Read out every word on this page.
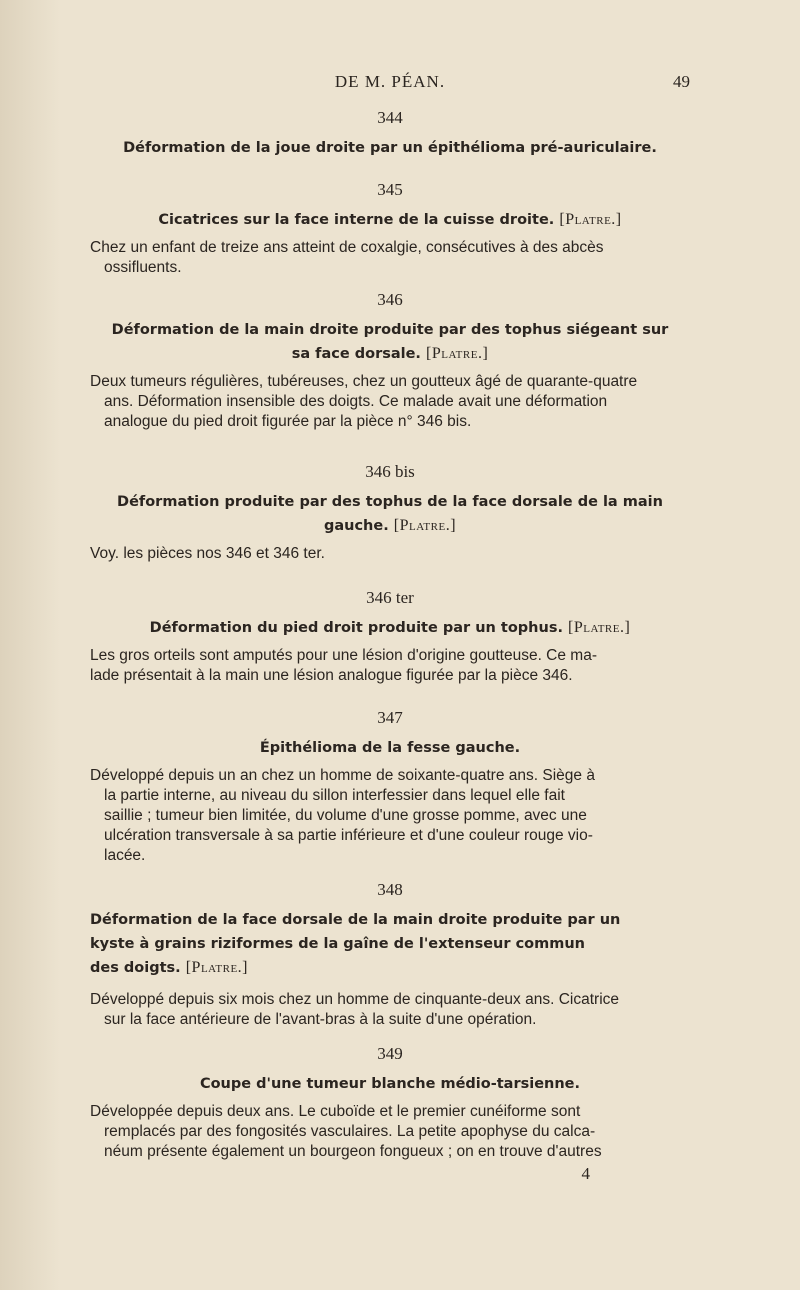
DE M. PÉAN.	49
344
Déformation de la joue droite par un épithélioma pré-auriculaire.
345
Cicatrices sur la face interne de la cuisse droite. [Platre.]
Chez un enfant de treize ans atteint de coxalgie, consécutives à des abcès
ossifluents.
346
Déformation de la main droite produite par des tophus siégeant sur
sa face dorsale. [Platre.]
Deux tumeurs régulières, tubéreuses, chez un goutteux âgé de quarante-quatre
ans. Déformation insensible des doigts. Ce malade avait une déformation
analogue du pied droit figurée par la pièce n° 346 bis.
346 bis
Déformation produite par des tophus de la face dorsale de la main
gauche. [Platre.]
Voy. les pièces nos 346 et 346 ter.
346 ter
Déformation du pied droit produite par un tophus. [Platre.]
Les gros orteils sont amputés pour une lésion d'origine goutteuse. Ce ma-
lade présentait à la main une lésion analogue figurée par la pièce 346.
347
Épithélioma de la fesse gauche.
Développé depuis un an chez un homme de soixante-quatre ans. Siège à
la partie interne, au niveau du sillon interfessier dans lequel elle fait
saillie ; tumeur bien limitée, du volume d'une grosse pomme, avec une
ulcération transversale à sa partie inférieure et d'une couleur rouge vio-
lacée.
348
Déformation de la face dorsale de la main droite produite par un
kyste à grains riziformes de la gaîne de l'extenseur commun
des doigts. [Platre.]
Développé depuis six mois chez un homme de cinquante-deux ans. Cicatrice
sur la face antérieure de l'avant-bras à la suite d'une opération.
349
Coupe d'une tumeur blanche médio-tarsienne.
Développée depuis deux ans. Le cuboïde et le premier cunéiforme sont
remplacés par des fongosités vasculaires. La petite apophyse du calca-
néum présente également un bourgeon fongueux ; on en trouve d'autres
4
